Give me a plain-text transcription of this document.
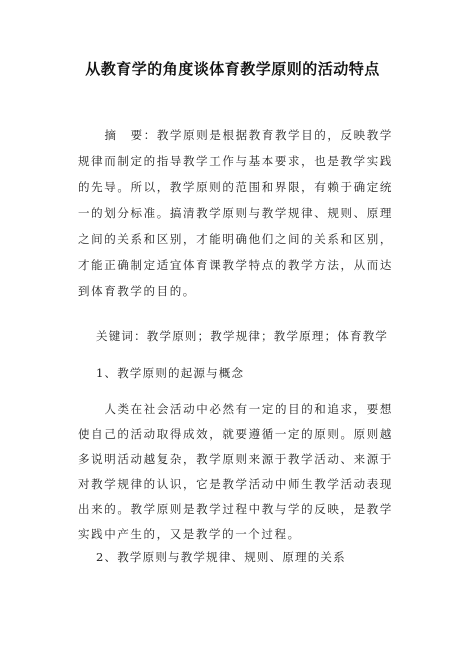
从教育学的角度谈体育教学原则的活动特点

摘　要：教学原则是根据教育教学目的，反映教学规律而制定的指导教学工作与基本要求，也是教学实践的先导。所以，教学原则的范围和界限，有赖于确定统一的划分标准。搞清教学原则与教学规律、规则、原理之间的关系和区别，才能明确他们之间的关系和区别，才能正确制定适宜体育课教学特点的教学方法，从而达到体育教学的目的。

关键词：教学原则；教学规律；教学原理；体育教学
1、教学原则的起源与概念

人类在社会活动中必然有一定的目的和追求，要想使自己的活动取得成效，就要遵循一定的原则。原则越多说明活动越复杂，教学原则来源于教学活动、来源于对教学规律的认识，它是教学活动中师生教学活动表现出来的。教学原则是教学过程中教与学的反映，是教学实践中产生的，又是教学的一个过程。

2、教学原则与教学规律、规则、原理的关系
